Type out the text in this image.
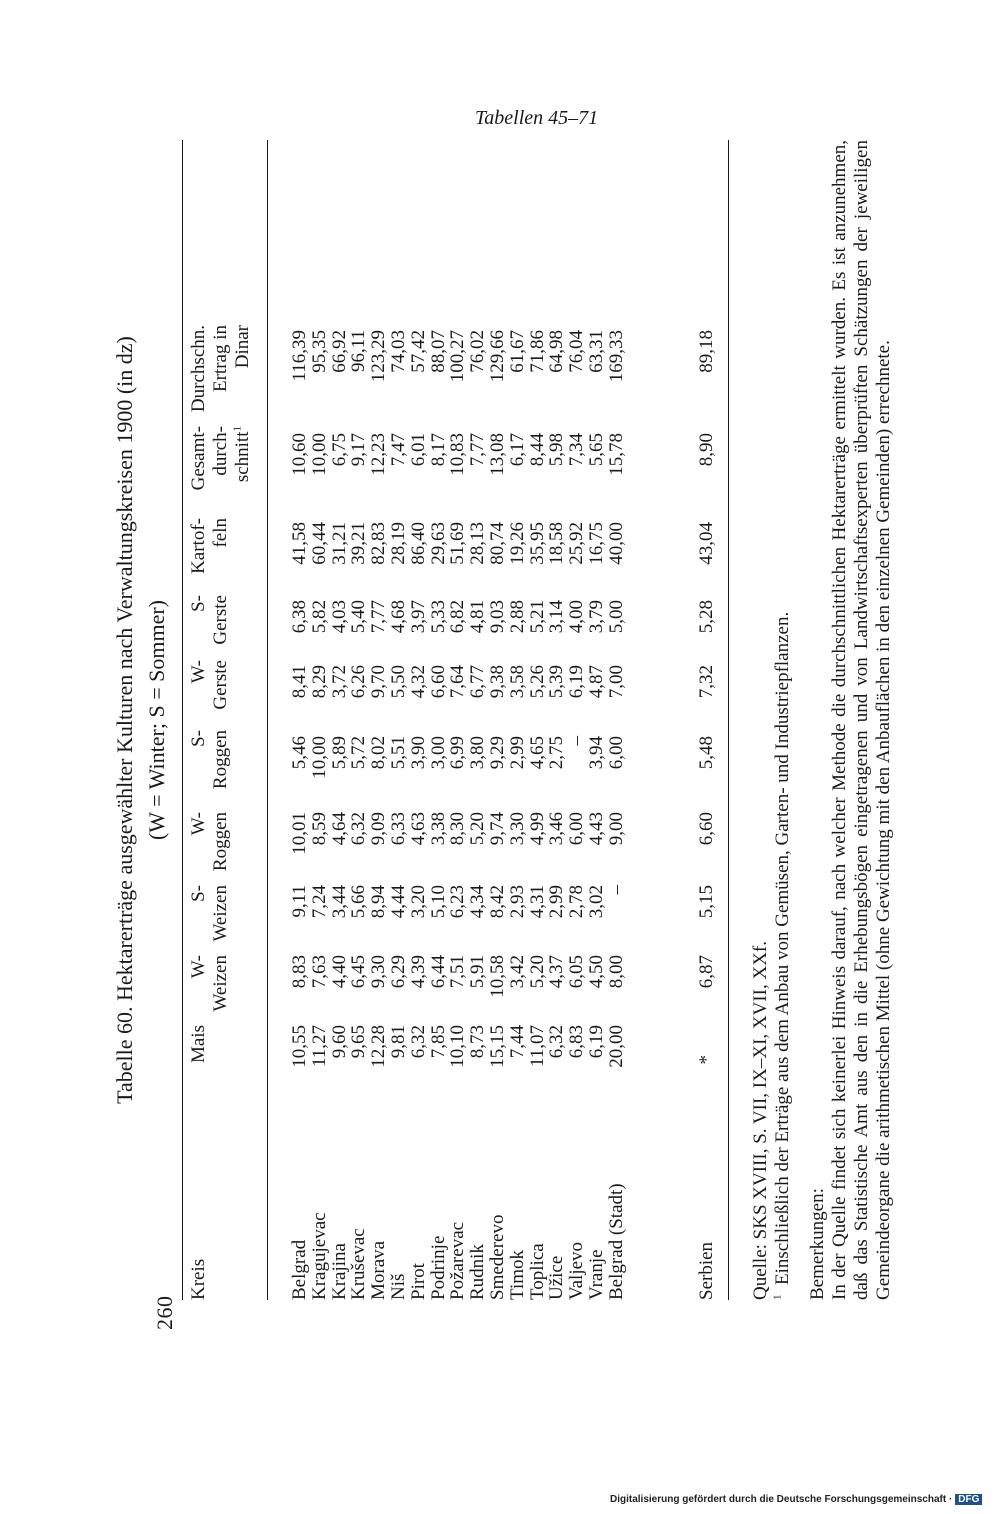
260
Tabellen 45–71
Tabelle 60. Hektarerträge ausgewählter Kulturen nach Verwaltungskreisen 1900 (in dz) (W = Winter; S = Sommer)
Kreis
Mais
W- Weizen
S- Weizen
W- Roggen
S- Roggen
W- Gerste
S- Gerste
Kartof- feln
Gesamt- durch- schnitt$^1$
Durchschn. Ertrag in Dinar
Belgrad
Kragujevac
Krajina
Kruševac
Morava
Niš
Pirot
Podrinje
Požarevac
Rudnik
Smederevo
Timok
Toplica
Užice
Valjevo
Vranje
Belgrad (Stadt)
10,55
11,27
9,60
9,65
12,28
9,81
6,32
7,85
10,10
8,73
15,15
7,44
11,07
6,32
6,83
6,19
20,00
8,83
7,63
4,40
6,45
9,30
6,29
4,39
6,44
7,51
5,91
10,58
3,42
5,20
4,37
6,05
4,50
8,00
9,11
7,24
3,44
5,66
8,94
4,44
3,20
5,10
6,23
4,34
8,42
2,93
4,31
2,99
2,78
3,02
–
10,01
8,59
4,64
6,32
9,09
6,33
4,63
3,38
8,30
5,20
9,74
3,30
4,99
3,46
6,00
4,43
9,00
5,46
10,00
5,89
5,72
8,02
5,51
3,90
3,00
6,99
3,80
9,29
2,99
4,65
2,75
–
3,94
6,00
8,41
8,29
3,72
6,26
9,70
5,50
4,32
6,60
7,64
6,77
9,38
3,58
5,26
5,39
6,19
4,87
7,00
6,38
5,82
4,03
5,40
7,77
4,68
3,97
5,33
6,82
4,81
9,03
2,88
5,21
3,14
4,00
3,79
5,00
41,58
60,44
31,21
39,21
82,83
28,19
86,40
29,63
51,69
28,13
80,74
19,26
35,95
18,58
25,92
16,75
40,00
10,60
10,00
6,75
9,17
12,23
7,47
6,01
8,17
10,83
7,77
13,08
6,17
8,44
5,98
7,34
5,65
15,78
116,39
95,35
66,92
96,11
123,29
74,03
57,42
88,07
100,27
76,02
129,66
61,67
71,86
64,98
76,04
63,31
169,33
Serbien
*
6,87
5,15
6,60
5,48
7,32
5,28
43,04
8,90
89,18

Quelle: SKS XVIII, S. VII, IX–XI, XVII, XXf. $^1$  Einschließlich der Erträge aus dem Anbau von Gemüsen, Garten- und Industriepflanzen. Bemerkungen: In der Quelle findet sich keinerlei Hinweis darauf, nach welcher Methode die durchschnittlichen Hektarerträge ermittelt wurden. Es ist anzunehmen, daß das Statistische Amt aus den in die Erhebungsbögen eingetragenen und von Landwirtschaftsexperten überprüften Schätzungen der jeweiligen Gemeindeorgane die arithmetischen Mittel (ohne Gewichtung mit den Anbauflächen in den einzelnen Gemeinden) errechnete.

Digitalisierung gefördert durch die Deutsche Forschungsgemeinschaft · DFG
